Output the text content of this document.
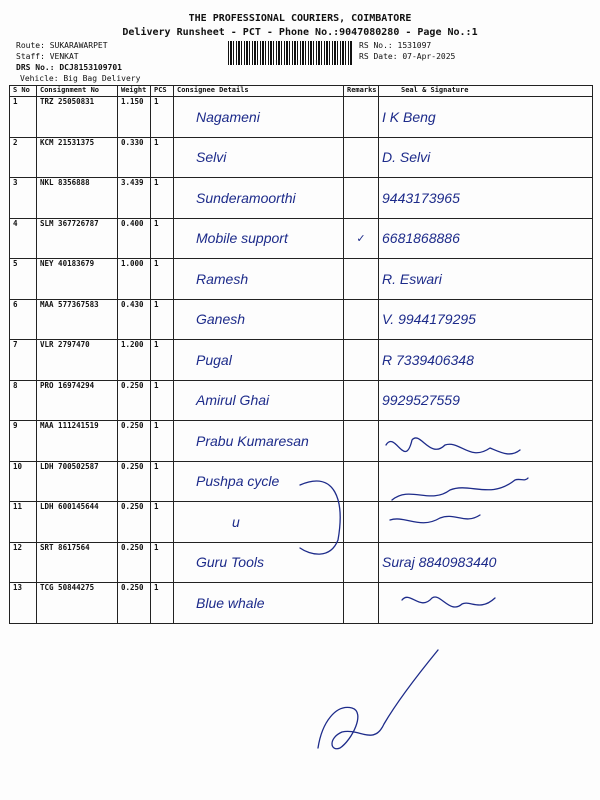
THE PROFESSIONAL COURIERS, COIMBATORE
Delivery Runsheet - PCT - Phone No.:9047080280 - Page No.:1
Route: SUKARAWARPET
Staff: VENKAT
DRS No.: DCJ8153109701
Vehicle: Big Bag Delivery
RS No.: 1531097
RS Date: 07-Apr-2025
S No	Consignment No	Weight	PCS	Consignee Details	Remarks	Seal & Signature
1	TRZ 25050831	1.150	1	Nagameni		I K Beng
2	KCM 21531375	0.330	1	Selvi		D. Selvi
3	NKL 8356888	3.439	1	Sunderamoorthi		9443173965
4	SLM 367726787	0.400	1	Mobile support	✓	6681868886
5	NEY 40183679	1.000	1	Ramesh		R. Eswari
6	MAA 577367583	0.430	1	Ganesh		V. 9944179295
7	VLR 2797470	1.200	1	Pugal		R 7339406348
8	PRO 16974294	0.250	1	Amirul Ghai		9929527559
9	MAA 111241519	0.250	1	Prabu Kumaresan		
10	LDH 700502587	0.250	1	Pushpa cycle		
11	LDH 600145644	0.250	1	u		
12	SRT 8617564	0.250	1	Guru Tools		Suraj 8840983440
13	TCG 50844275	0.250	1	Blue whale		
